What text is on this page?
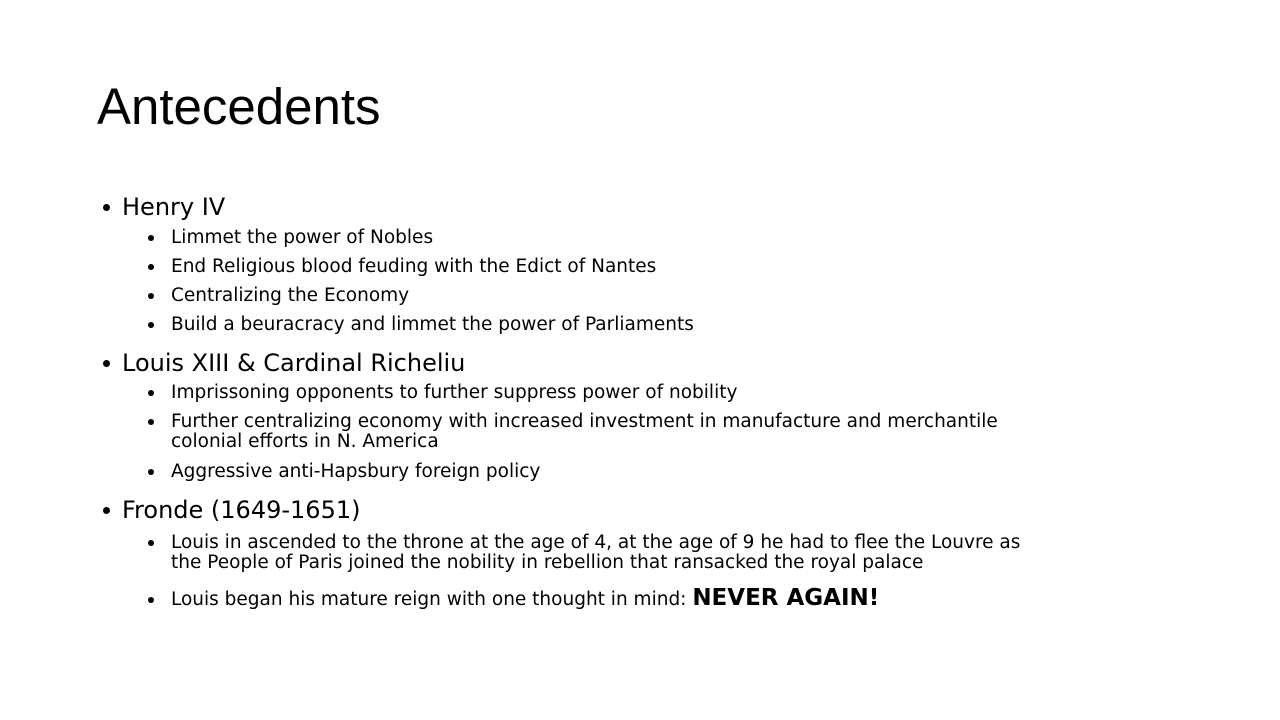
Antecedents
Henry IV
Limmet the power of Nobles
End Religious blood feuding with the Edict of Nantes
Centralizing the Economy
Build a beuracracy and limmet the power of Parliaments
Louis XIII & Cardinal Richeliu
Imprissoning opponents to further suppress power of nobility
Further centralizing economy with increased investment in manufacture and merchantile
colonial efforts in N. America
Aggressive anti-Hapsbury foreign policy
Fronde (1649-1651)
Louis in ascended to the throne at the age of 4, at the age of 9 he had to flee the Louvre as
the People of Paris joined the nobility in rebellion that ransacked the royal palace
Louis began his mature reign with one thought in mind: NEVER AGAIN!
